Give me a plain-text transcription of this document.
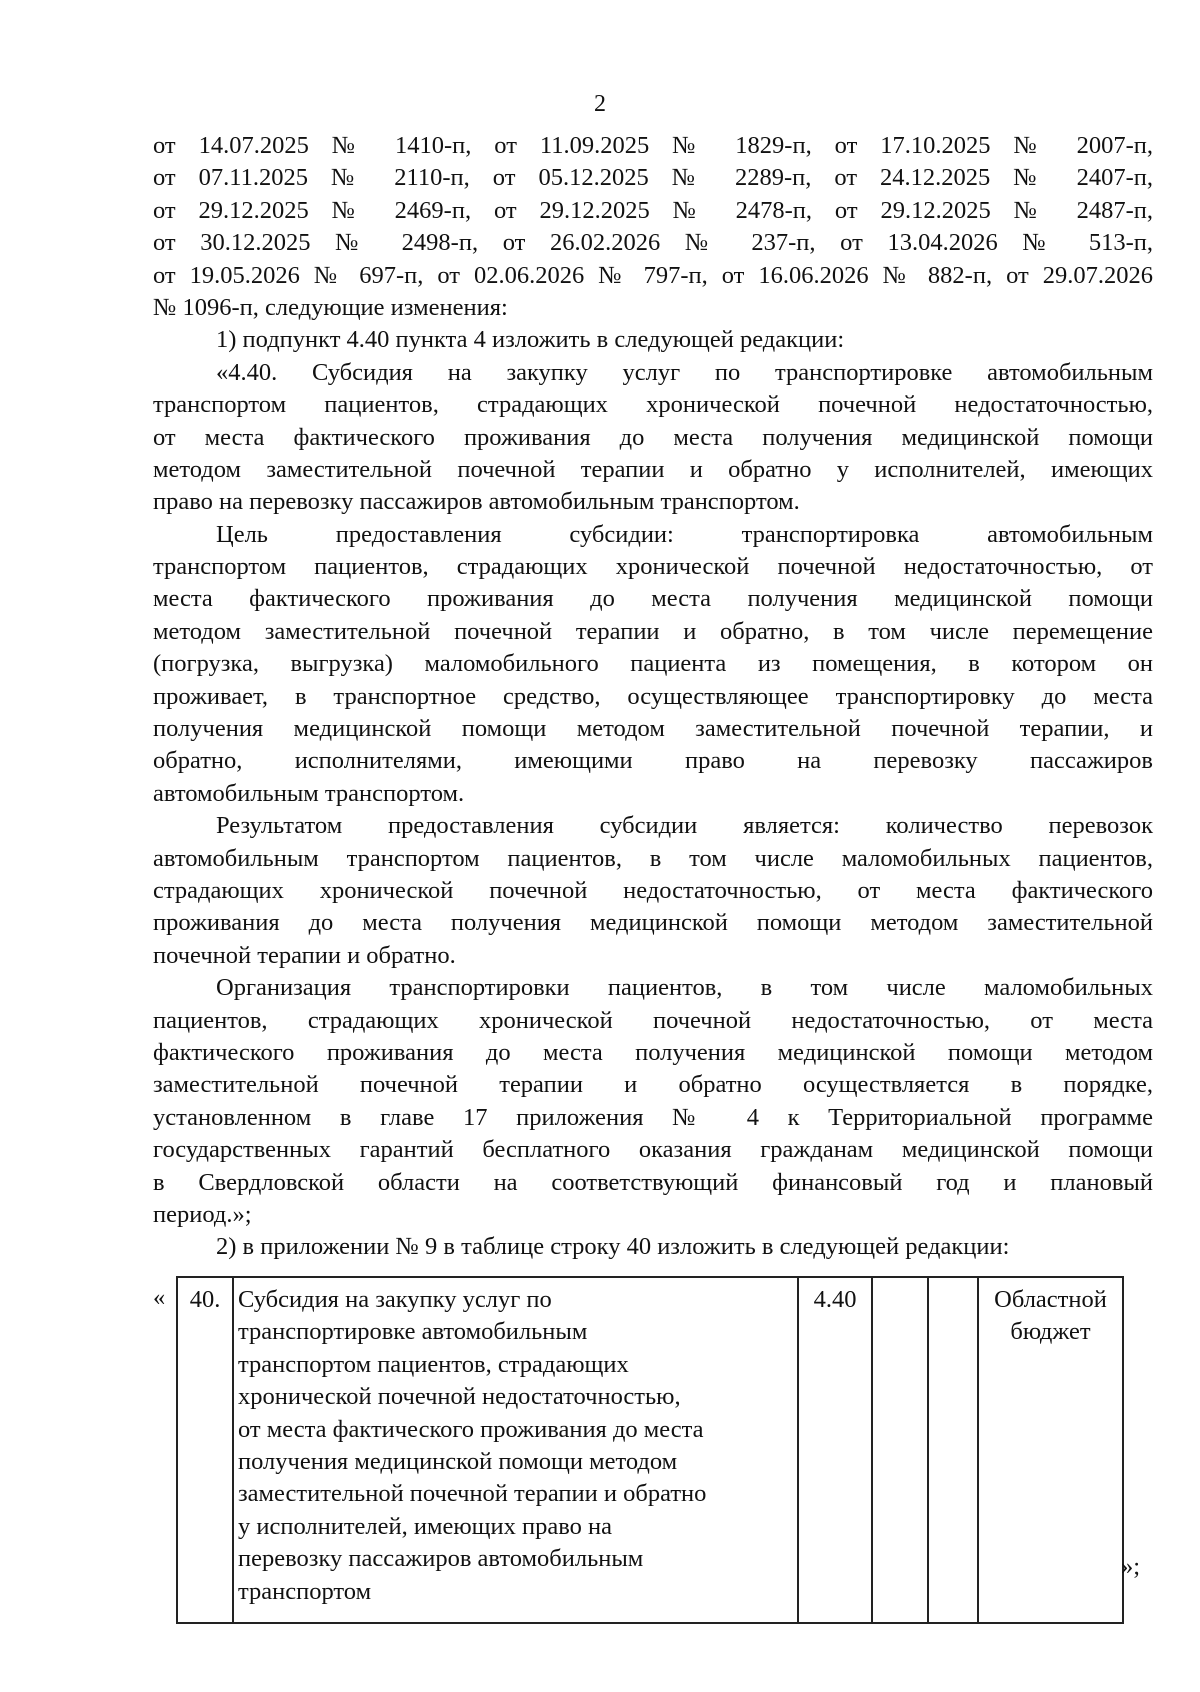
2
от 14.07.2025 № 1410-п, от 11.09.2025 № 1829-п, от 17.10.2025 № 2007-п,
от 07.11.2025 № 2110-п, от 05.12.2025 № 2289-п, от 24.12.2025 № 2407-п,
от 29.12.2025 № 2469-п, от 29.12.2025 № 2478-п, от 29.12.2025 № 2487-п,
от 30.12.2025 № 2498-п, от 26.02.2026 № 237-п, от 13.04.2026 № 513-п,
от 19.05.2026 № 697-п, от 02.06.2026 № 797-п, от 16.06.2026 № 882-п, от 29.07.2026
№ 1096-п, следующие изменения:
1) подпункт 4.40 пункта 4 изложить в следующей редакции:
«4.40. Субсидия на закупку услуг по транспортировке автомобильным
транспортом пациентов, страдающих хронической почечной недостаточностью,
от места фактического проживания до места получения медицинской помощи
методом заместительной почечной терапии и обратно у исполнителей, имеющих
право на перевозку пассажиров автомобильным транспортом.
Цель предоставления субсидии: транспортировка автомобильным
транспортом пациентов, страдающих хронической почечной недостаточностью, от
места фактического проживания до места получения медицинской помощи
методом заместительной почечной терапии и обратно, в том числе перемещение
(погрузка, выгрузка) маломобильного пациента из помещения, в котором он
проживает, в транспортное средство, осуществляющее транспортировку до места
получения медицинской помощи методом заместительной почечной терапии, и
обратно, исполнителями, имеющими право на перевозку пассажиров
автомобильным транспортом.
Результатом предоставления субсидии является: количество перевозок
автомобильным транспортом пациентов, в том числе маломобильных пациентов,
страдающих хронической почечной недостаточностью, от места фактического
проживания до места получения медицинской помощи методом заместительной
почечной терапии и обратно.
Организация транспортировки пациентов, в том числе маломобильных
пациентов, страдающих хронической почечной недостаточностью, от места
фактического проживания до места получения медицинской помощи методом
заместительной почечной терапии и обратно осуществляется в порядке,
установленном в главе 17 приложения № 4 к Территориальной программе
государственных гарантий бесплатного оказания гражданам медицинской помощи
в Свердловской области на соответствующий финансовый год и плановый
период.»;
2) в приложении № 9 в таблице строку 40 изложить в следующей редакции:
« 40.	Субсидия на закупку услуг по
транспортировке автомобильным
транспортом пациентов, страдающих
хронической почечной недостаточностью,
от места фактического проживания до места
получения медицинской помощи методом
заместительной почечной терапии и обратно
у исполнителей, имеющих право на
перевозку пассажиров автомобильным
транспортом
	4.40			Областной
бюджет
»;
